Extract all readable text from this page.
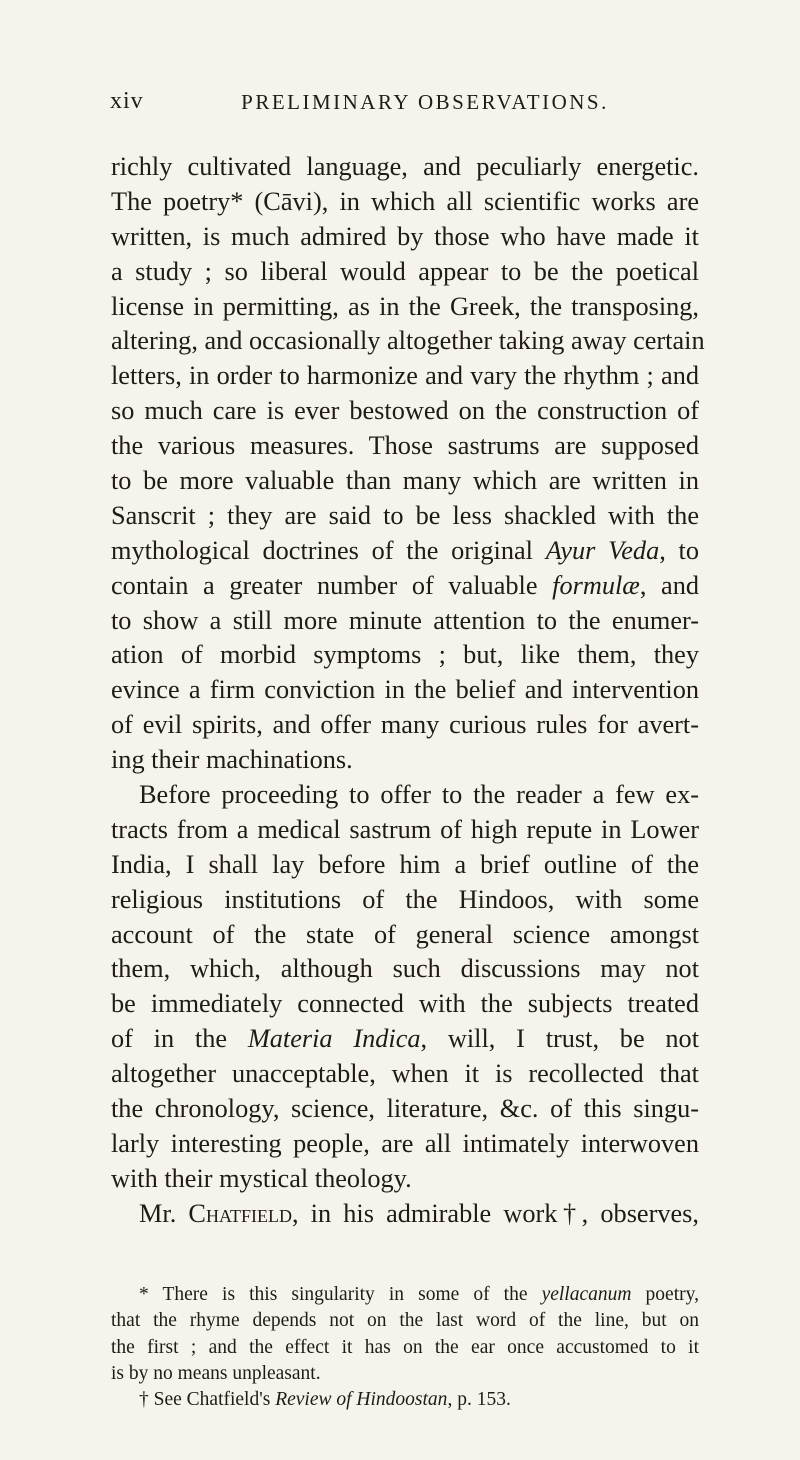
xiv	PRELIMINARY OBSERVATIONS.
richly cultivated language, and peculiarly energetic.
The poetry* (Cāvi), in which all scientific works are
written, is much admired by those who have made it
a study ; so liberal would appear to be the poetical
license in permitting, as in the Greek, the transposing,
altering, and occasionally altogether taking away certain
letters, in order to harmonize and vary the rhythm ; and
so much care is ever bestowed on the construction of
the various measures. Those sastrums are supposed
to be more valuable than many which are written in
Sanscrit ; they are said to be less shackled with the
mythological doctrines of the original Ayur Veda, to
contain a greater number of valuable formulæ, and
to show a still more minute attention to the enumer-
ation of morbid symptoms ; but, like them, they
evince a firm conviction in the belief and intervention
of evil spirits, and offer many curious rules for avert-
ing their machinations.
Before proceeding to offer to the reader a few ex-
tracts from a medical sastrum of high repute in Lower
India, I shall lay before him a brief outline of the
religious institutions of the Hindoos, with some
account of the state of general science amongst
them, which, although such discussions may not
be immediately connected with the subjects treated
of in the Materia Indica, will, I trust, be not
altogether unacceptable, when it is recollected that
the chronology, science, literature, &c. of this singu-
larly interesting people, are all intimately interwoven
with their mystical theology.
Mr. Chatfield, in his admirable work†, observes,
* There is this singularity in some of the yellacanum poetry,
that the rhyme depends not on the last word of the line, but on
the first ; and the effect it has on the ear once accustomed to it
is by no means unpleasant.
† See Chatfield's Review of Hindoostan, p. 153.
